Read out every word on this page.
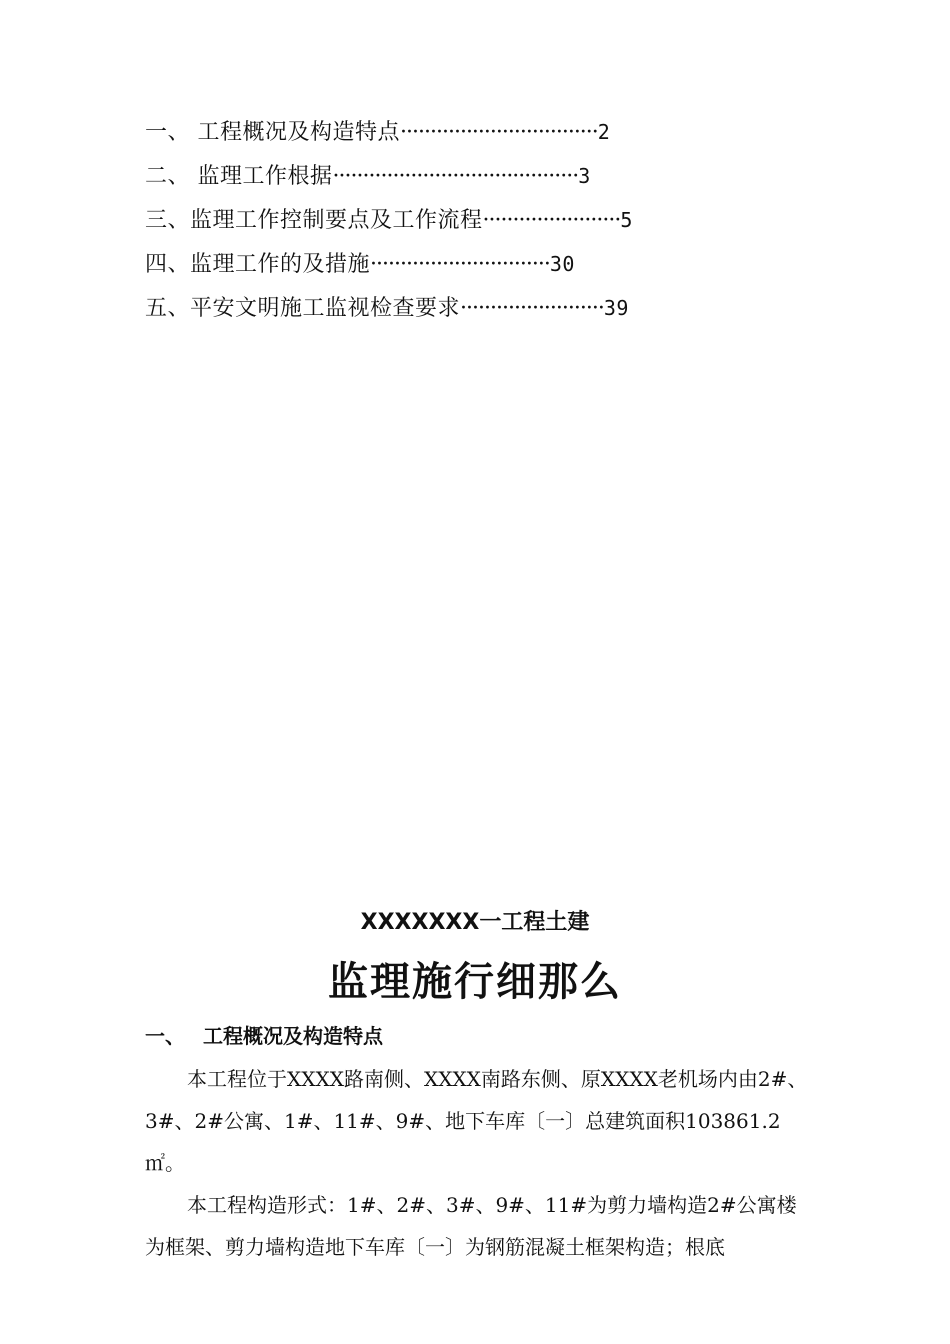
一、 工程概况及构造特点·································2
二、 监理工作根据·········································3
三、监理工作控制要点及工作流程·······················5
四、监理工作的及措施······························30
五、平安文明施工监视检查要求························39
XXXXXXX一工程土建
监理施行细那么
一、 工程概况及构造特点

本工程位于XXXX路南侧、XXXX南路东侧、原XXXX老机场内由2#、3#、2#公寓、1#、11#、9#、地下车库〔一〕总建筑面积103861.2㎡。

本工程构造形式：1#、2#、3#、9#、11#为剪力墙构造2#公寓楼为框架、剪力墙构造地下车库〔一〕为钢筋混凝土框架构造；根底
